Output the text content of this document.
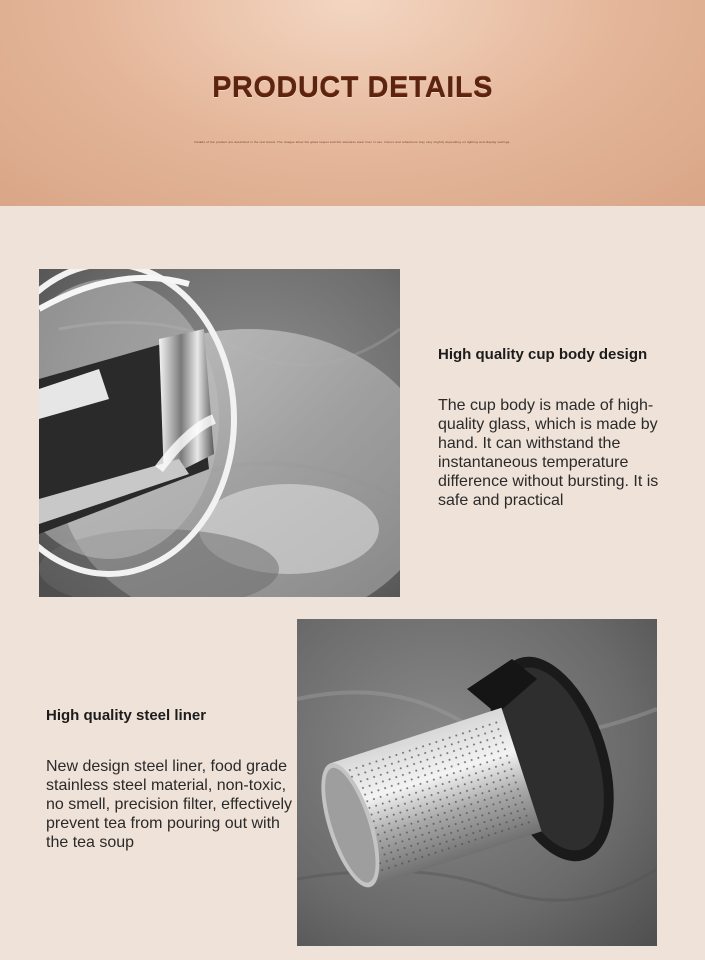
PRODUCT DETAILS
Details of the product are described in the text below. The images show the glass teapot and the stainless steel liner in use. Colors and reflections may vary slightly depending on lighting and display settings.
High quality cup body design
The cup body is made of high-quality glass, which is made by hand. It can withstand the instantaneous temperature difference without bursting. It is safe and practical
High quality steel liner
New design steel liner, food grade stainless steel material, non-toxic, no smell, precision filter, effectively prevent tea from pouring out with the tea soup
